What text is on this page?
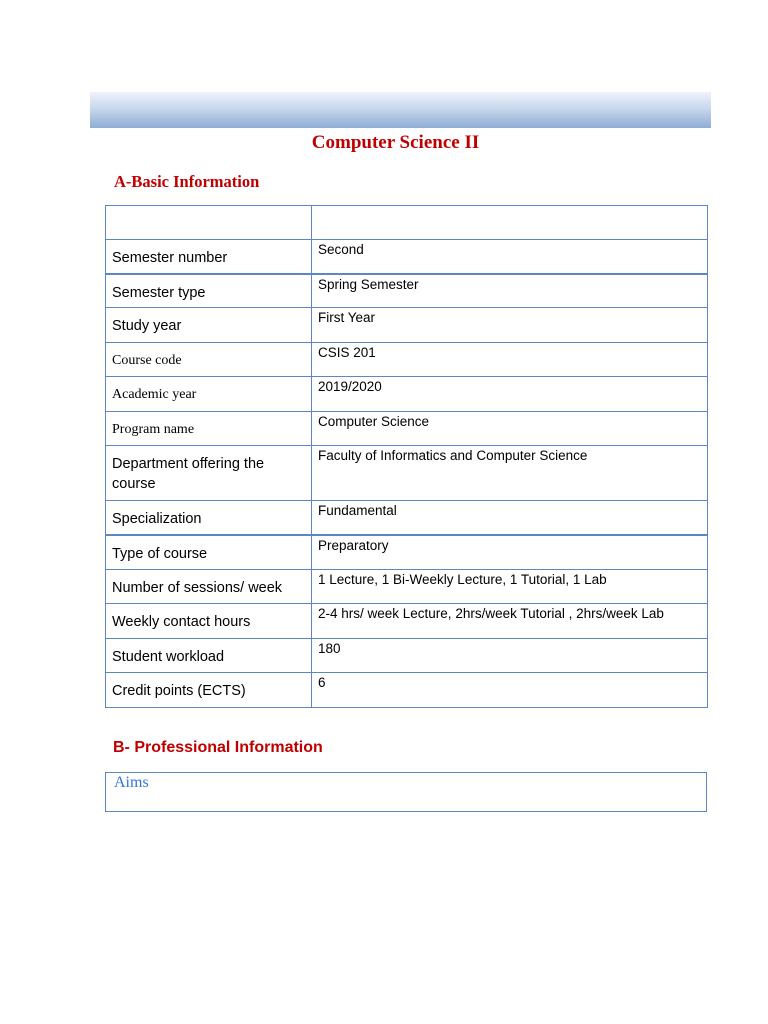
Computer Science II
A-Basic Information

Semester number	Second
Semester type	Spring Semester
Study year	First Year
Course code	CSIS 201
Academic year	2019/2020
Program name	Computer Science
Department offering the course	Faculty of Informatics and Computer Science
Specialization	Fundamental
Type of course	Preparatory
Number of sessions/ week	1 Lecture, 1 Bi-Weekly Lecture, 1 Tutorial, 1 Lab
Weekly contact hours	2-4 hrs/ week Lecture, 2hrs/week Tutorial , 2hrs/week Lab
Student workload	180
Credit points (ECTS)	6
B- Professional Information
Aims
